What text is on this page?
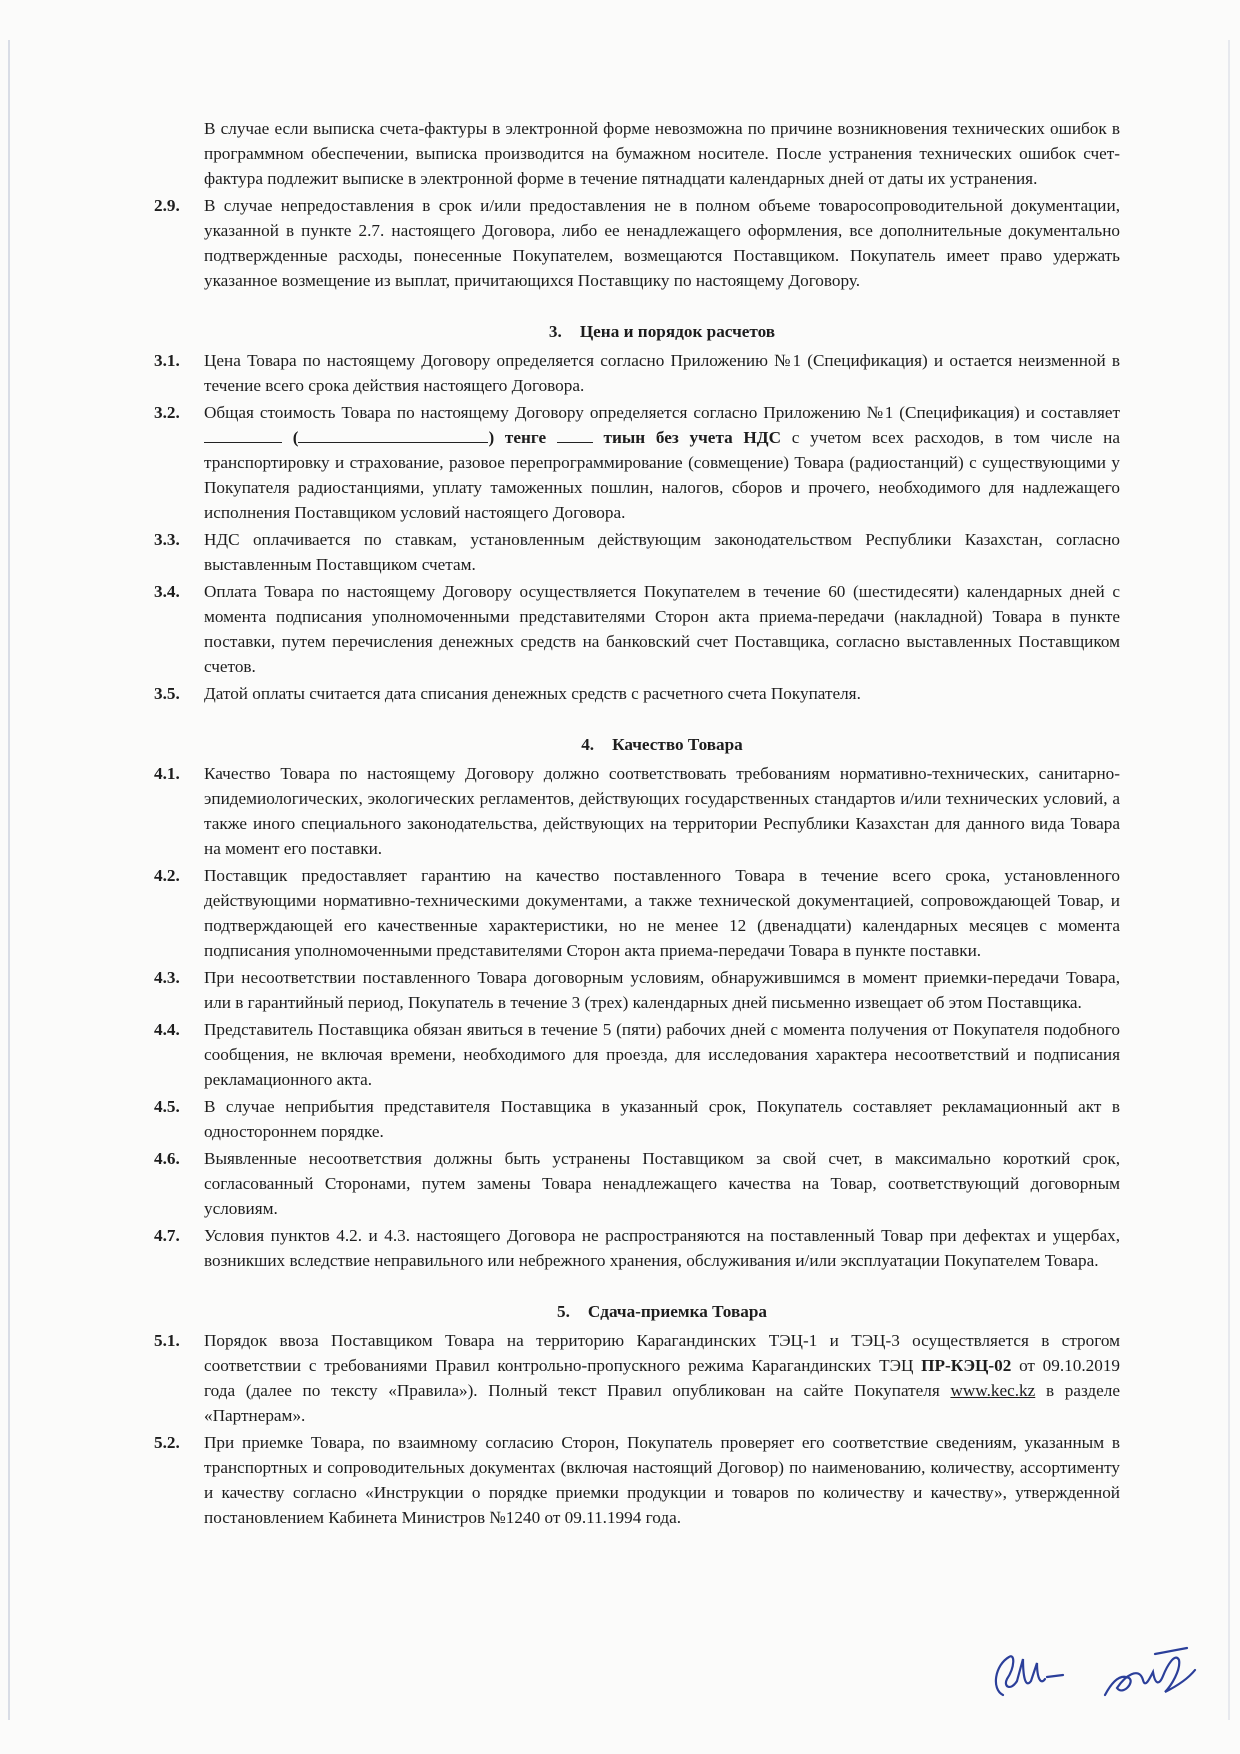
В случае если выписка счета-фактуры в электронной форме невозможна по причине возникновения технических ошибок в программном обеспечении, выписка производится на бумажном носителе. После устранения технических ошибок счет-фактура подлежит выписке в электронной форме в течение пятнадцати календарных дней от даты их устранения.

2.9. В случае непредоставления в срок и/или предоставления не в полном объеме товаросопроводительной документации, указанной в пункте 2.7. настоящего Договора, либо ее ненадлежащего оформления, все дополнительные документально подтвержденные расходы, понесенные Покупателем, возмещаются Поставщиком. Покупатель имеет право удержать указанное возмещение из выплат, причитающихся Поставщику по настоящему Договору.

3. Цена и порядок расчетов

3.1. Цена Товара по настоящему Договору определяется согласно Приложению №1 (Спецификация) и остается неизменной в течение всего срока действия настоящего Договора.

3.2. Общая стоимость Товара по настоящему Договору определяется согласно Приложению №1 (Спецификация) и составляет  (	) тенге	тиын без учета НДС с учетом всех расходов, в том числе на транспортировку и страхование, разовое перепрограммирование (совмещение) Товара (радиостанций) с существующими у Покупателя радиостанциями, уплату таможенных пошлин, налогов, сборов и прочего, необходимого для надлежащего исполнения Поставщиком условий настоящего Договора.

3.3. НДС оплачивается по ставкам, установленным действующим законодательством Республики Казахстан, согласно выставленным Поставщиком счетам.

3.4. Оплата Товара по настоящему Договору осуществляется Покупателем в течение 60 (шестидесяти) календарных дней с момента подписания уполномоченными представителями Сторон акта приема-передачи (накладной) Товара в пункте поставки, путем перечисления денежных средств на банковский счет Поставщика, согласно выставленных Поставщиком счетов.

3.5. Датой оплаты считается дата списания денежных средств с расчетного счета Покупателя.

4. Качество Товара

4.1. Качество Товара по настоящему Договору должно соответствовать требованиям нормативно-технических, санитарно-эпидемиологических, экологических регламентов, действующих государственных стандартов и/или технических условий, а также иного специального законодательства, действующих на территории Республики Казахстан для данного вида Товара на момент его поставки.

4.2. Поставщик предоставляет гарантию на качество поставленного Товара в течение всего срока, установленного действующими нормативно-техническими документами, а также технической документацией, сопровождающей Товар, и подтверждающей его качественные характеристики, но не менее 12 (двенадцати) календарных месяцев с момента подписания уполномоченными представителями Сторон акта приема-передачи Товара в пункте поставки.

4.3. При несоответствии поставленного Товара договорным условиям, обнаружившимся в момент приемки-передачи Товара, или в гарантийный период, Покупатель в течение 3 (трех) календарных дней письменно извещает об этом Поставщика.

4.4. Представитель Поставщика обязан явиться в течение 5 (пяти) рабочих дней с момента получения от Покупателя подобного сообщения, не включая времени, необходимого для проезда, для исследования характера несоответствий и подписания рекламационного акта.

4.5. В случае неприбытия представителя Поставщика в указанный срок, Покупатель составляет рекламационный акт в одностороннем порядке.

4.6. Выявленные несоответствия должны быть устранены Поставщиком за свой счет, в максимально короткий срок, согласованный Сторонами, путем замены Товара ненадлежащего качества на Товар, соответствующий договорным условиям.

4.7. Условия пунктов 4.2. и 4.3. настоящего Договора не распространяются на поставленный Товар при дефектах и ущербах, возникших вследствие неправильного или небрежного хранения, обслуживания и/или эксплуатации Покупателем Товара.

5. Сдача-приемка Товара

5.1. Порядок ввоза Поставщиком Товара на территорию Карагандинских ТЭЦ-1 и ТЭЦ-3 осуществляется в строгом соответствии с требованиями Правил контрольно-пропускного режима Карагандинских ТЭЦ ПР-КЭЦ-02 от 09.10.2019 года (далее по тексту «Правила»). Полный текст Правил опубликован на сайте Покупателя www.kec.kz в разделе «Партнерам».

5.2. При приемке Товара, по взаимному согласию Сторон, Покупатель проверяет его соответствие сведениям, указанным в транспортных и сопроводительных документах (включая настоящий Договор) по наименованию, количеству, ассортименту и качеству согласно «Инструкции о порядке приемки продукции и товаров по количеству и качеству», утвержденной постановлением Кабинета Министров №1240 от 09.11.1994 года.
